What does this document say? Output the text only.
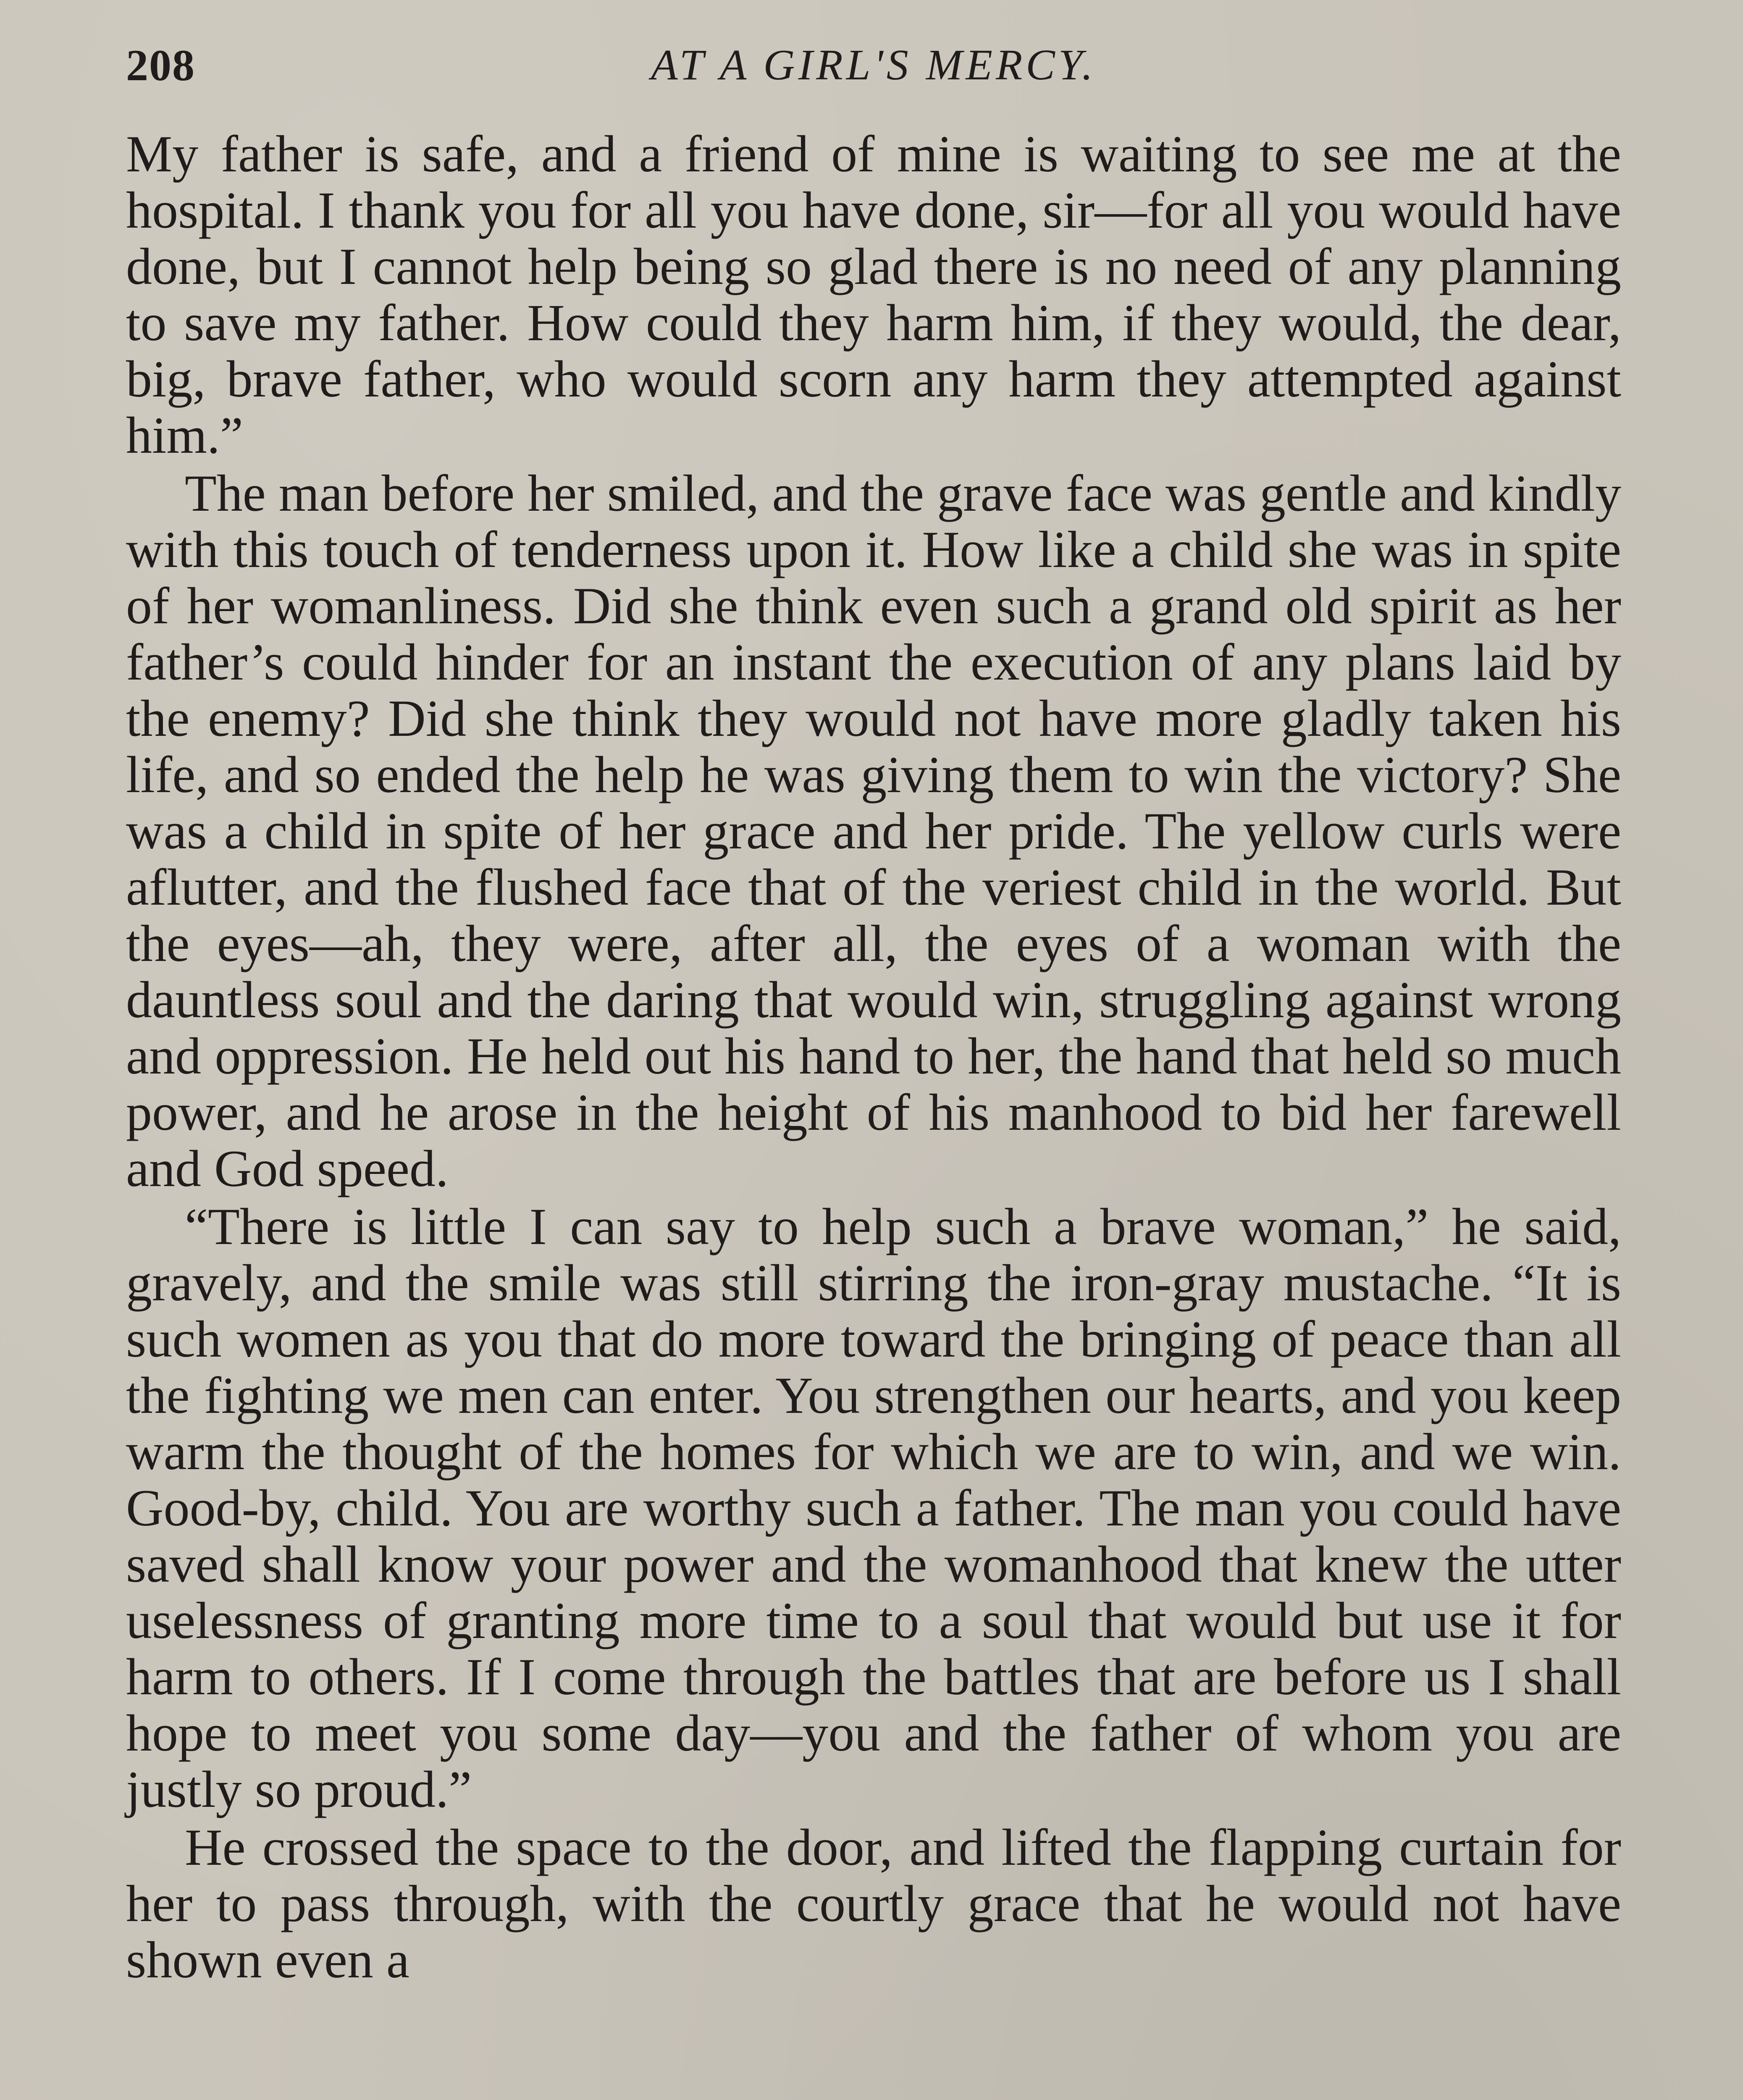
208	AT A GIRL'S MERCY.

My father is safe, and a friend of mine is waiting to see me at the hospital. I thank you for all you have done, sir—for all you would have done, but I cannot help being so glad there is no need of any planning to save my father. How could they harm him, if they would, the dear, big, brave father, who would scorn any harm they attempted against him.”

The man before her smiled, and the grave face was gentle and kindly with this touch of tenderness upon it. How like a child she was in spite of her womanliness. Did she think even such a grand old spirit as her father’s could hinder for an instant the execution of any plans laid by the enemy? Did she think they would not have more gladly taken his life, and so ended the help he was giving them to win the victory? She was a child in spite of her grace and her pride. The yellow curls were aflutter, and the flushed face that of the veriest child in the world. But the eyes—ah, they were, after all, the eyes of a woman with the dauntless soul and the daring that would win, struggling against wrong and oppression. He held out his hand to her, the hand that held so much power, and he arose in the height of his manhood to bid her farewell and God speed.

“There is little I can say to help such a brave woman,” he said, gravely, and the smile was still stirring the iron-gray mustache. “It is such women as you that do more toward the bringing of peace than all the fighting we men can enter. You strengthen our hearts, and you keep warm the thought of the homes for which we are to win, and we win. Good-by, child. You are worthy such a father. The man you could have saved shall know your power and the womanhood that knew the utter uselessness of granting more time to a soul that would but use it for harm to others. If I come through the battles that are before us I shall hope to meet you some day—you and the father of whom you are justly so proud.”

He crossed the space to the door, and lifted the flapping curtain for her to pass through, with the courtly grace that he would not have shown even a
